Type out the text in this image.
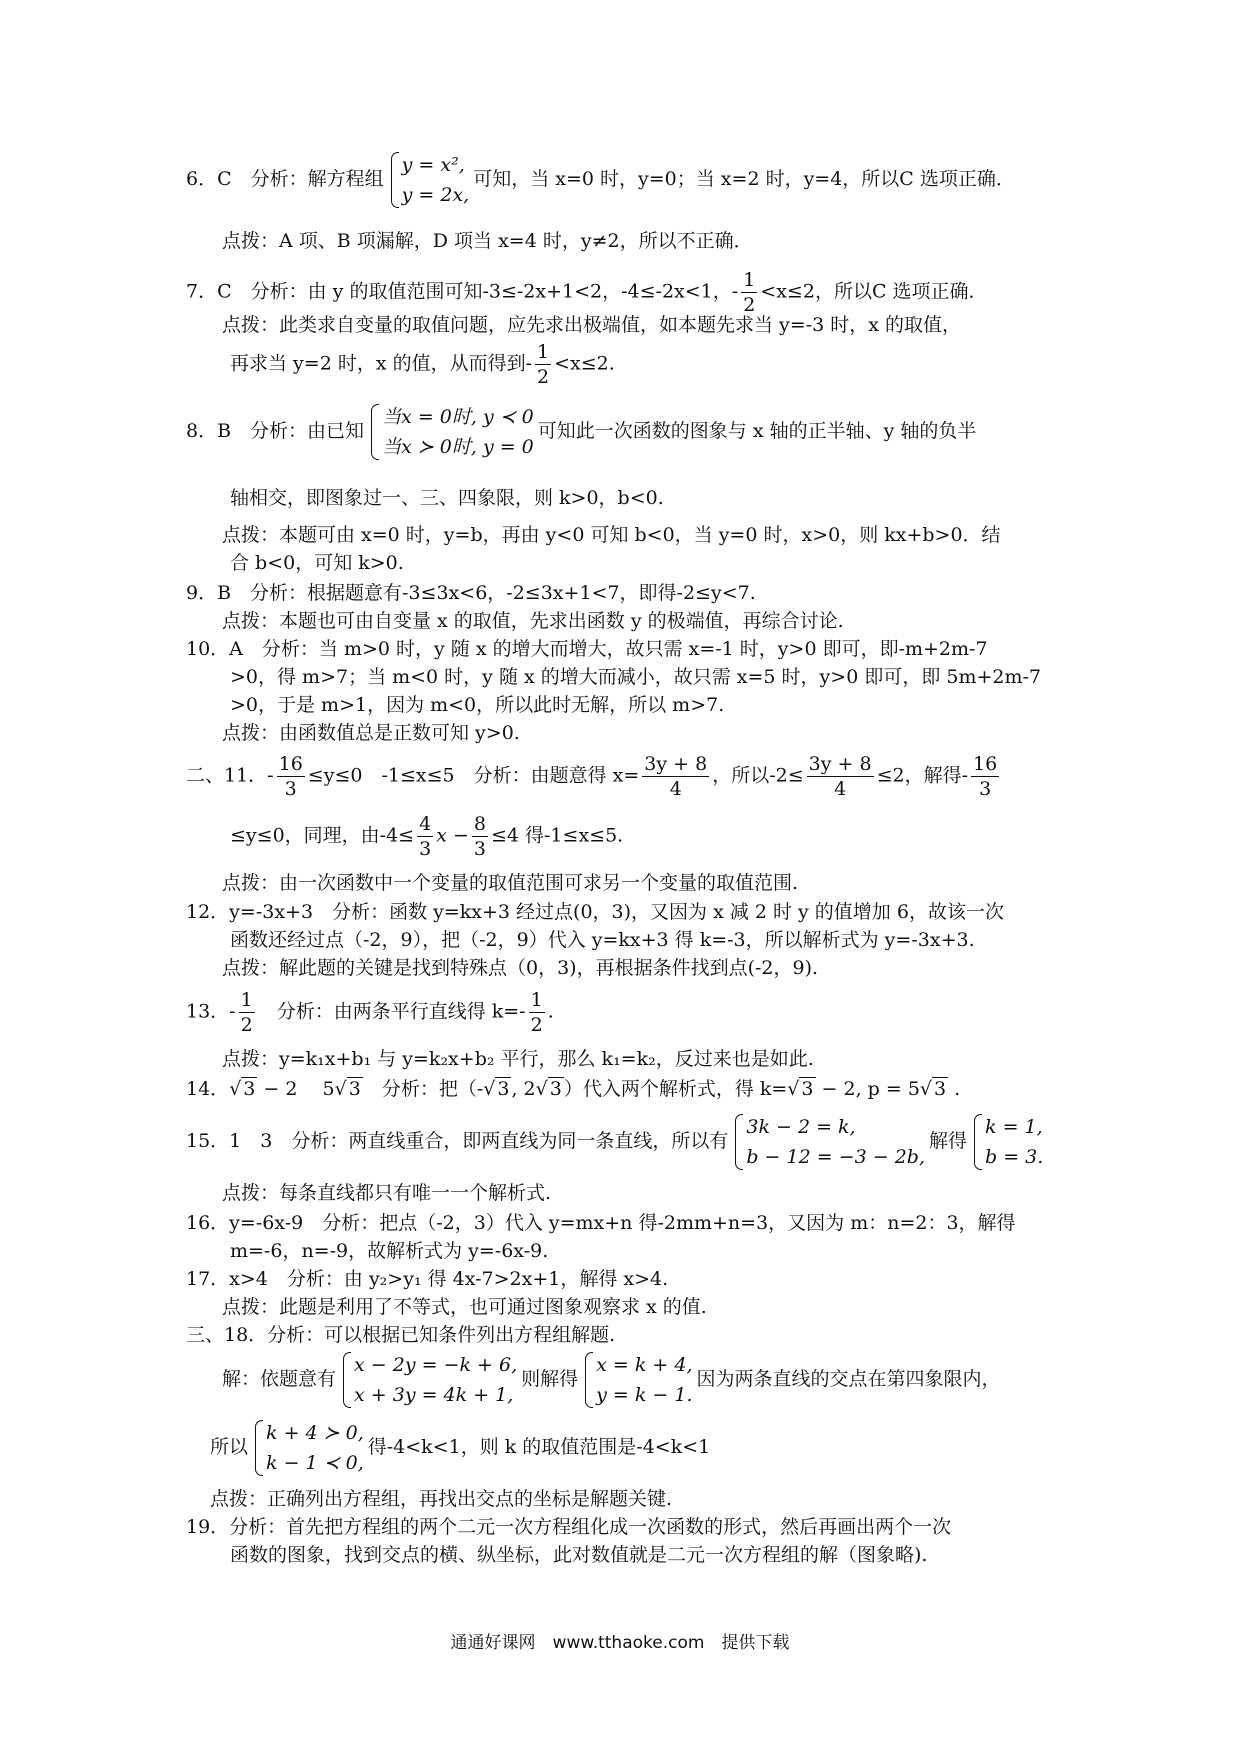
6．C　分析：解方程组
y = x²,
y = 2x,
可知，当 x=0 时，y=0；当 x=2 时，y=4，所以C 选项正确．
点拨：A 项、B 项漏解，D 项当 x=4 时，y≠2，所以不正确．
7．C　分析：由 y 的取值范围可知-3≤-2x+1<2，-4≤-2x<1，- $\frac{1}{2} <x\le 2$，所以C 选项正确．
点拨：此类求自变量的取值问题，应先求出极端值，如本题先求当 y=-3 时，x 的取值，
再求当 y=2 时，x 的值，从而得到- $\frac{1}{2} <x\le 2$.
8．B　分析：由已知
当x = 0时, y ≺ 0
当x ≻ 0时, y = 0
可知此一次函数的图象与 x 轴的正半轴、y 轴的负半
轴相交，即图象过一、三、四象限，则 k>0，b<0.
点拨：本题可由 x=0 时，y=b，再由 y<0 可知 b<0，当 y=0 时，x>0，则 kx+b>0．结
合 b<0，可知 k>0.
9．B　分析：根据题意有-3≤3x<6，-2≤3x+1<7，即得-2≤y<7.
点拨：本题也可由自变量 x 的取值，先求出函数 y 的极端值，再综合讨论.
10．A　分析：当 m>0 时，y 随 x 的增大而增大，故只需 x=-1 时，y>0 即可，即-m+2m-7
>0，得 m>7；当 m<0 时，y 随 x 的增大而减小，故只需 x=5 时，y>0 即可，即 5m+2m-7
>0，于是 m>1，因为 m<0，所以此时无解，所以 m>7.
点拨：由函数值总是正数可知 y>0.
二、11．- $\frac{16}{3} \le y\le 0$　-1≤x≤5　分析：由题意得 $x= \frac{3y + 8}{4}$ ，所以$-2\le \frac{3y + 8}{4} \le 2$，解得- $\frac{16}{3}$
≤y≤0，同理，由$-4\le \frac{4}{3}$ $x - \frac{8}{3} \le 4$ 得-1≤x≤5.
点拨：由一次函数中一个变量的取值范围可求另一个变量的取值范围.
12．y=-3x+3　分析：函数 y=kx+3 经过点(0，3)，又因为 x 减 2 时 y 的值增加 6，故该一次
函数还经过点（-2，9），把（-2，9）代入 y=kx+3 得 k=-3，所以解析式为 y=-3x+3.
点拨：解此题的关键是找到特殊点（0，3)，再根据条件找到点(-2，9).
13．- $\frac{1}{2}$ 　分析：由两条平行直线得 $k=- \frac{1}{2}$ .
点拨：y=k₁x+b₁ 与 y=k₂x+b₂ 平行，那么 k₁=k₂，反过来也是如此.
14．√ 3 − 2　 5√ 3　分析：把（-√ 3 , 2√ 3 ）代入两个解析式，得 k=√ 3 − 2, p = 5√ 3 .
15．1　3　分析：两直线重合，即两直线为同一条直线，所以有
3k − 2 = k,
b − 12 = −3 − 2b,
解得
k = 1,
b = 3.
点拨：每条直线都只有唯一一个解析式.
16．y=-6x-9　分析：把点（-2，3）代入 y=mx+n 得-2mm+n=3，又因为 m：n=2：3，解得
m=-6，n=-9，故解析式为 y=-6x-9.
17．x>4　分析：由 y₂>y₁ 得 4x-7>2x+1，解得 x>4.
点拨：此题是利用了不等式，也可通过图象观察求 x 的值.
三、18．分析：可以根据已知条件列出方程组解题.
解：依题意有
x − 2y = −k + 6,
x + 3y = 4k + 1,
则解得
x = k + 4,
y = k − 1.
因为两条直线的交点在第四象限内，
所以
k + 4 ≻ 0,
k − 1 ≺ 0,
得-4<k<1，则 k 的取值范围是-4<k<1
点拨：正确列出方程组，再找出交点的坐标是解题关键.
19．分析：首先把方程组的两个二元一次方程组化成一次函数的形式，然后再画出两个一次
函数的图象，找到交点的横、纵坐标，此对数值就是二元一次方程组的解（图象略).
通通好课网　www.tthaoke.com　提供下载
